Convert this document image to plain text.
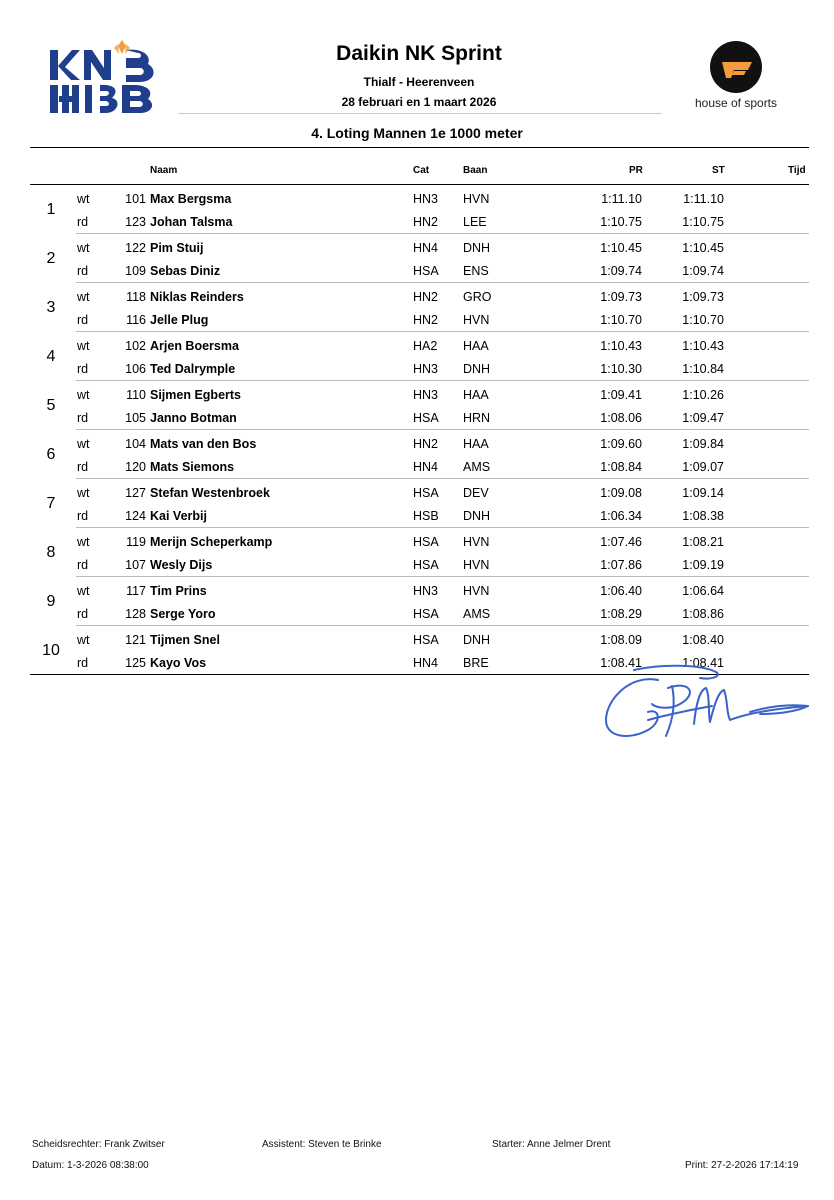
house of sports
Daikin NK Sprint
Thialf - Heerenveen
28 februari en 1 maart 2026
4. Loting Mannen 1e 1000 meter
Naam	Cat	Baan	PR	ST	Tijd
1
wt	101 Max Bergsma	HN3 HVN	1:11.10	1:11.10
rd	123 Johan Talsma	HN2 LEE	1:10.75	1:10.75
2
wt	122 Pim Stuij	HN4 DNH	1:10.45	1:10.45
rd	109 Sebas Diniz	HSA ENS	1:09.74	1:09.74
3
wt	118 Niklas Reinders	HN2 GRO	1:09.73	1:09.73
rd	116 Jelle Plug	HN2 HVN	1:10.70	1:10.70
4
wt	102 Arjen Boersma	HA2 HAA	1:10.43	1:10.43
rd	106 Ted Dalrymple	HN3 DNH	1:10.30	1:10.84
5
wt	110 Sijmen Egberts	HN3 HAA	1:09.41	1:10.26
rd	105 Janno Botman	HSA HRN	1:08.06	1:09.47
6
wt	104 Mats van den Bos	HN2 HAA	1:09.60	1:09.84
rd	120 Mats Siemons	HN4 AMS	1:08.84	1:09.07
7
wt	127 Stefan Westenbroek	HSA DEV	1:09.08	1:09.14
rd	124 Kai Verbij	HSB DNH	1:06.34	1:08.38
8
wt	119 Merijn Scheperkamp	HSA HVN	1:07.46	1:08.21
rd	107 Wesly Dijs	HSA HVN	1:07.86	1:09.19
9
wt	117 Tim Prins	HN3 HVN	1:06.40	1:06.64
rd	128 Serge Yoro	HSA AMS	1:08.29	1:08.86
10
wt	121 Tijmen Snel	HSA DNH	1:08.09	1:08.40
rd	125 Kayo Vos	HN4 BRE	1:08.41	1:08.41
Scheidsrechter: Frank Zwitser	Assistent: Steven te Brinke	Starter: Anne Jelmer Drent
Datum: 1-3-2026 08:38:00	Print: 27-2-2026 17:14:19
